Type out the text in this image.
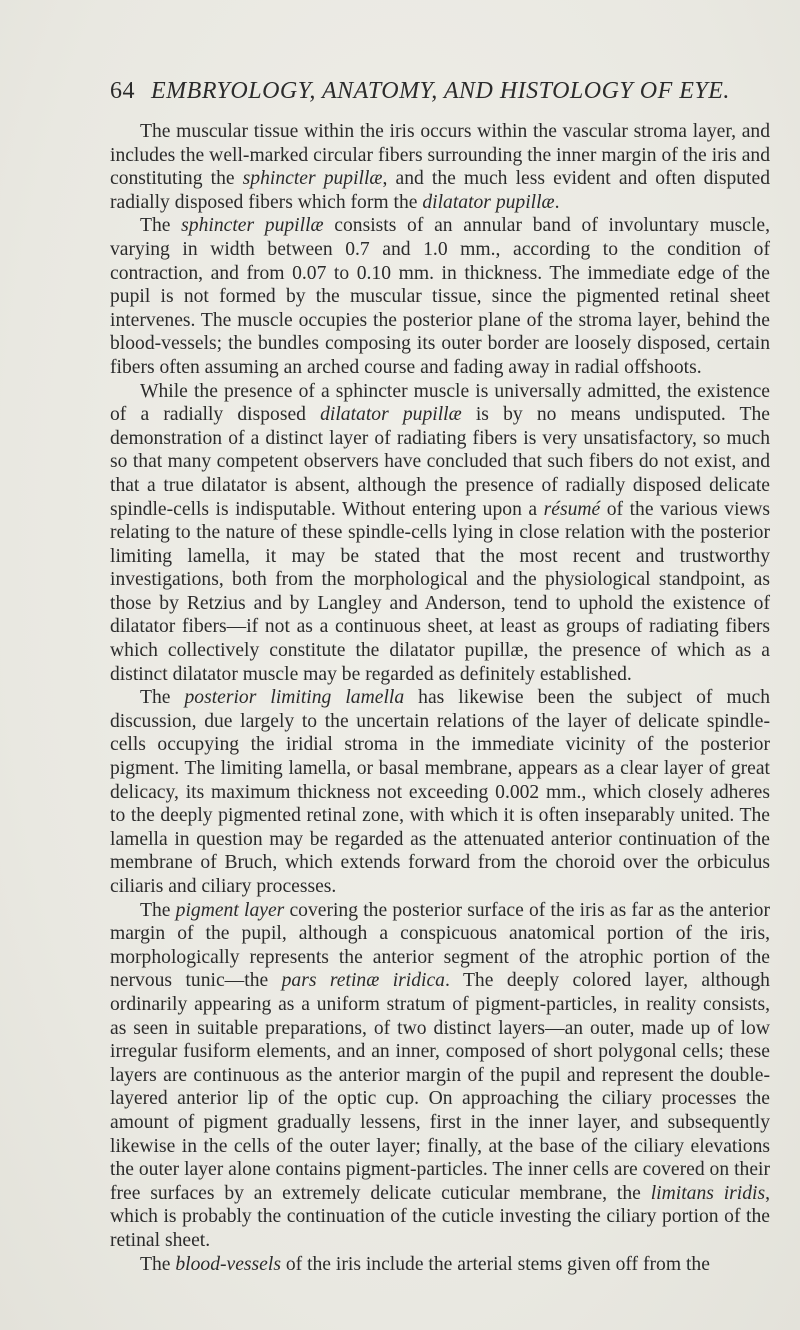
64 EMBRYOLOGY, ANATOMY, AND HISTOLOGY OF EYE.

The muscular tissue within the iris occurs within the vascular stroma layer, and includes the well-marked circular fibers surrounding the inner margin of the iris and constituting the sphincter pupillæ, and the much less evident and often disputed radially disposed fibers which form the dilatator pupillæ.

The sphincter pupillæ consists of an annular band of involuntary muscle, varying in width between 0.7 and 1.0 mm., according to the condition of contraction, and from 0.07 to 0.10 mm. in thickness. The immediate edge of the pupil is not formed by the muscular tissue, since the pigmented retinal sheet intervenes. The muscle occupies the posterior plane of the stroma layer, behind the blood-vessels; the bundles composing its outer border are loosely disposed, certain fibers often assuming an arched course and fading away in radial offshoots.

While the presence of a sphincter muscle is universally admitted, the existence of a radially disposed dilatator pupillæ is by no means undisputed. The demonstration of a distinct layer of radiating fibers is very unsatisfactory, so much so that many competent observers have concluded that such fibers do not exist, and that a true dilatator is absent, although the presence of radially disposed delicate spindle-cells is indisputable. Without entering upon a résumé of the various views relating to the nature of these spindle-cells lying in close relation with the posterior limiting lamella, it may be stated that the most recent and trustworthy investigations, both from the morphological and the physiological standpoint, as those by Retzius and by Langley and Anderson, tend to uphold the existence of dilatator fibers—if not as a continuous sheet, at least as groups of radiating fibers which collectively constitute the dilatator pupillæ, the presence of which as a distinct dilatator muscle may be regarded as definitely established.

The posterior limiting lamella has likewise been the subject of much discussion, due largely to the uncertain relations of the layer of delicate spindle-cells occupying the iridial stroma in the immediate vicinity of the posterior pigment. The limiting lamella, or basal membrane, appears as a clear layer of great delicacy, its maximum thickness not exceeding 0.002 mm., which closely adheres to the deeply pigmented retinal zone, with which it is often inseparably united. The lamella in question may be regarded as the attenuated anterior continuation of the membrane of Bruch, which extends forward from the choroid over the orbiculus ciliaris and ciliary processes.

The pigment layer covering the posterior surface of the iris as far as the anterior margin of the pupil, although a conspicuous anatomical portion of the iris, morphologically represents the anterior segment of the atrophic portion of the nervous tunic—the pars retinæ iridica. The deeply colored layer, although ordinarily appearing as a uniform stratum of pigment-particles, in reality consists, as seen in suitable preparations, of two distinct layers—an outer, made up of low irregular fusiform elements, and an inner, composed of short polygonal cells; these layers are continuous as the anterior margin of the pupil and represent the double-layered anterior lip of the optic cup. On approaching the ciliary processes the amount of pigment gradually lessens, first in the inner layer, and subsequently likewise in the cells of the outer layer; finally, at the base of the ciliary elevations the outer layer alone contains pigment-particles. The inner cells are covered on their free surfaces by an extremely delicate cuticular membrane, the limitans iridis, which is probably the continuation of the cuticle investing the ciliary portion of the retinal sheet.

The blood-vessels of the iris include the arterial stems given off from the
